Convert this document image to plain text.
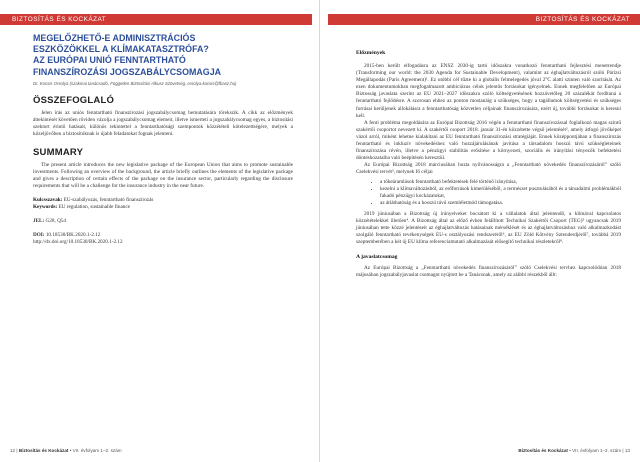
BIZTOSÍTÁS ÉS KOCKÁZAT

MEGELŐZHETŐ-E ADMINISZTRÁCIÓS
ESZKÖZÖKKEL A KLÍMAKATASZTRÓFA?

AZ EURÓPAI UNIÓ FENNTARTHATÓ
FINANSZÍROZÁSI JOGSZABÁLYCSOMAGJA

Dr. Kocsis Orsolya (szakmai tanácsadó, Független Biztosítási Alkusz Szövetség, orsolya.kocsis@fbasz.hu)
ÖSSZEFOGLALÓ

Jelen írás az uniós fenntartható finanszírozási jogszabálycsomag bemutatására törekszik. A cikk az előzmények áttekintését követően röviden vázolja a jogszabálycsomag elemeit, illetve ismerteti a jogszabálycsomag egyes, a biztosítási szektort érintő hatásait, különös tekintettel a fenntarthatósági szempontok közzétételi kötelezettségére, melyek a közeljövőben a biztosítóknak is újabb feladatokat fognak jelenteni.

SUMMARY

The present article introduces the new legislative package of the European Union that aims to promote sustainable investments. Following an overview of the background, the article briefly outlines the elements of the legislative package and gives a description of certain effects of the package on the insurance sector, particularly regarding the disclosure requirements that will be a challenge for the insurance industry in the near future.

Kulcsszavak: EU-szabályozás, fenntartható finanszírozás
Keywords: EU regulation, sustainable finance

JEL: G28, Q54

DOI: 10.18530/BK.2020.1-2.12
http://dx.doi.org/10.18530/BK.2020.1-2.12

12 | Biztosítás és Kockázat • VII. évfolyam 1–2. szám
BIZTOSÍTÁS ÉS KOCKÁZAT
Előzmények

2015-ben került elfogadásra az ENSZ 2030-ig tartó időszakra vonatkozó fenntartható fejlesztési menetrendje (Transforming our world: the 2030 Agenda for Sustainable Development), valamint az éghajlatváltozásról szóló Párizsi Megállapodás (Paris Agreement)¹. Ez utóbbi cél tűzte ki a globális felmelegedés jóval 2°C alatti szinten való szorítását. Az ezen dokumentumokban megfogalmazott ambiciózus célok jelentős forrásokat igényelnek. Ennek megfelelően az Európai Biztosság javaslata szerint az EU 2021–2027 időszakra szóló költségvetésének hozzávetőleg 20 százalékát fordítaná a fenntartható fejlődésre. A szorosan ehhez az ponton mostanáig a szükséges, hogy a tagállamok költségvetési és szükséges forrásai kerüljenek allokálásra a fenntarthatóság közvetlen céljainak finanszírozására, ezért új, további forrásokat is keresni kell.

A fenti probléma megoldására az Európai Bizottság 2016 végén a fenntartható finanszírozással foglalkozó magas szintű szakértői csoportot nevezett ki. A szakértői csoport 2018. január 31-én közzétette végső jelentését², amely átfogó jövőképet vázol arról, miként lehetne kialakítani az EU fenntartható finanszírozási stratégiáját. Ennek középpontjában a finanszírozás fenntartható és inkluzív növekedéshez való hozzájárulásának javítása a társadalom hosszú távú szükségleteinek finanszírozása révén, illetve a pénzügyi stabilitás erősítése a környezeti, szociális és irányítási tényezők befektetési döntéshozatalba való beépítésén keresztül.

Az Európai Bizottság 2018 márciusában hozta nyilvánosságra a „Fenntartható növekedés finanszírozásáról” szóló Cselekvési tervét³, melynek fő céljai

• a tőkeáramlások fenntartható befektetések felé történő irányítása,
• kezelni a klímaváltozásból, az erőforrások kimerüléséből, a természet pusztulásából és a társadalmi problémákból fakadó pénzügyi kockázatokat,
• az átláthatóság és a hosszú távú szemléletmód támogatása.

2019 júniusában a Bizottság új irányelveket bocsátott ki a vállalatok által jelentendő, a klímával kapcsolatos közzétételekkel illetően⁴. A Bizottság által az előző évben felállított Technikai Szakértői Csoport (TEG)⁵ ugyancsak 2019 júniusában tette közzé jelentéseit az éghajlatváltozás hatásainak mérséklését és az éghajlatváltozáshoz való alkalmazkodást szolgáló fenntartható tevékenységek EU-s osztályozási rendszeréről⁶, az EU Zöld Kötvény Sztenderdjéről⁷, továbbá 2019 szeptemberében a két új EU klíma referenciamutató alkalmazását elősegítő technikai részletekről⁸.

A javaslatcsomag

Az Európai Bizottság a „Fenntartható növekedés finanszírozásáról” szóló Cselekvési tervhez kapcsolódóan 2018 májusában jogszabályjavaslat csomagot nyújtott be a Tanácsnak, amely az alábbi részekből állt:

Biztosítás és Kockázat • VII. évfolyam 1–2. szám | 13
